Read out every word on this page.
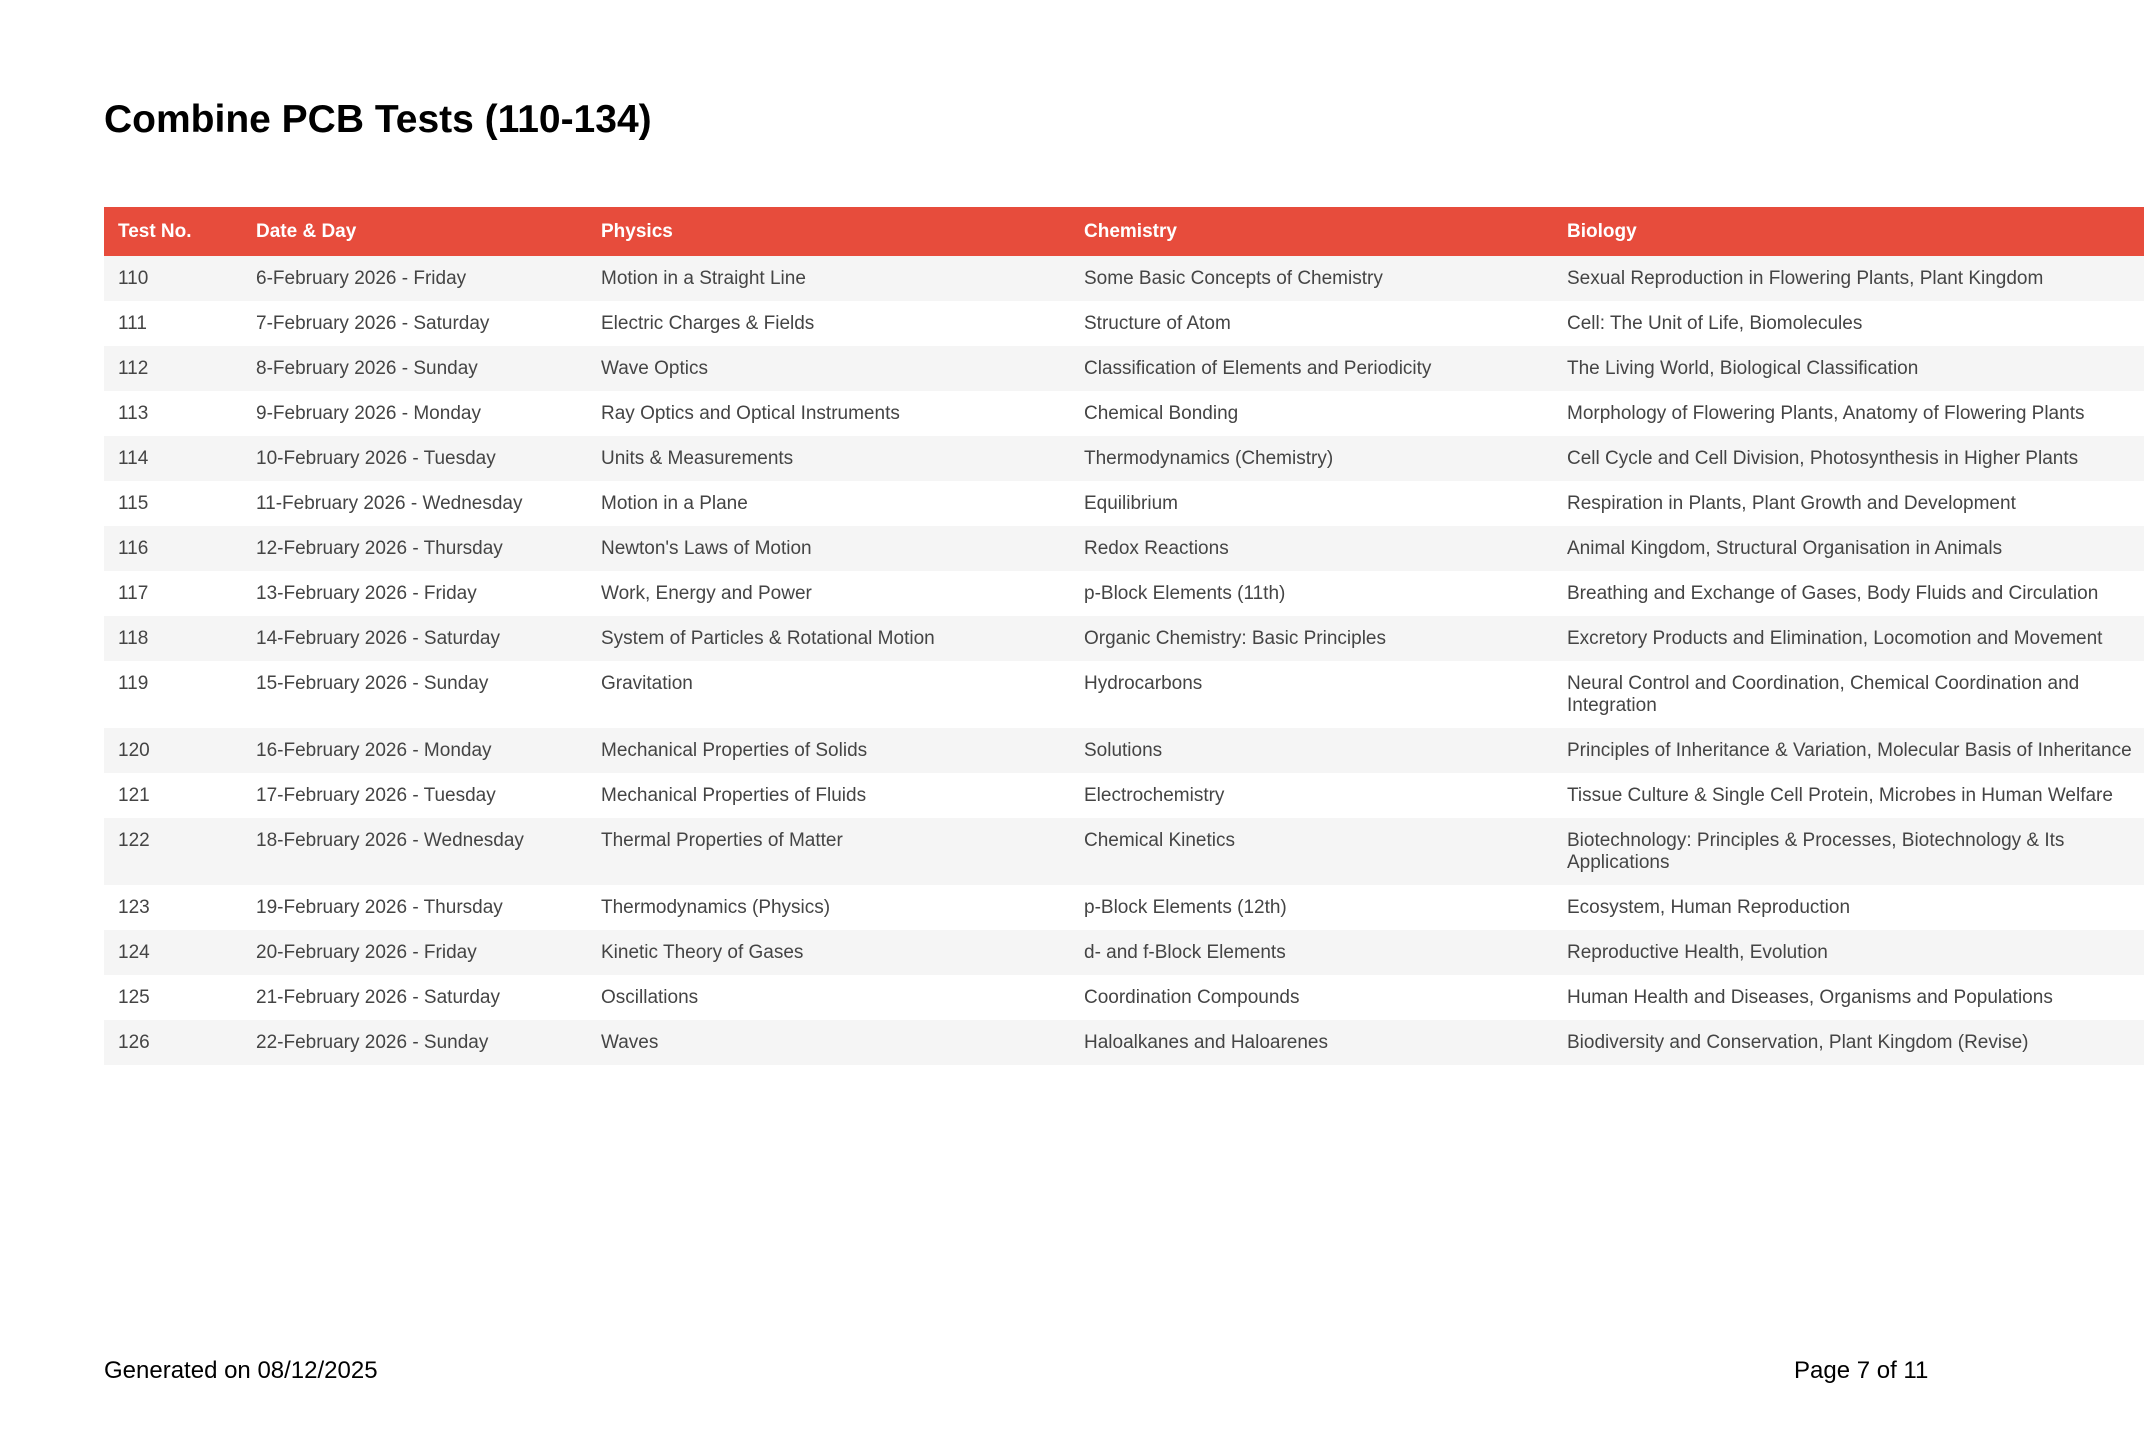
Combine PCB Tests (110-134)
Test No.	Date & Day	Physics	Chemistry	Biology
110	6-February 2026 - Friday	Motion in a Straight Line	Some Basic Concepts of Chemistry	Sexual Reproduction in Flowering Plants, Plant Kingdom
111	7-February 2026 - Saturday	Electric Charges & Fields	Structure of Atom	Cell: The Unit of Life, Biomolecules
112	8-February 2026 - Sunday	Wave Optics	Classification of Elements and Periodicity	The Living World, Biological Classification
113	9-February 2026 - Monday	Ray Optics and Optical Instruments	Chemical Bonding	Morphology of Flowering Plants, Anatomy of Flowering Plants
114	10-February 2026 - Tuesday	Units & Measurements	Thermodynamics (Chemistry)	Cell Cycle and Cell Division, Photosynthesis in Higher Plants
115	11-February 2026 - Wednesday	Motion in a Plane	Equilibrium	Respiration in Plants, Plant Growth and Development
116	12-February 2026 - Thursday	Newton's Laws of Motion	Redox Reactions	Animal Kingdom, Structural Organisation in Animals
117	13-February 2026 - Friday	Work, Energy and Power	p-Block Elements (11th)	Breathing and Exchange of Gases, Body Fluids and Circulation
118	14-February 2026 - Saturday	System of Particles & Rotational Motion	Organic Chemistry: Basic Principles	Excretory Products and Elimination, Locomotion and Movement
119	15-February 2026 - Sunday	Gravitation	Hydrocarbons	Neural Control and Coordination, Chemical Coordination and Integration
120	16-February 2026 - Monday	Mechanical Properties of Solids	Solutions	Principles of Inheritance & Variation, Molecular Basis of Inheritance
121	17-February 2026 - Tuesday	Mechanical Properties of Fluids	Electrochemistry	Tissue Culture & Single Cell Protein, Microbes in Human Welfare
122	18-February 2026 - Wednesday	Thermal Properties of Matter	Chemical Kinetics	Biotechnology: Principles & Processes, Biotechnology & Its Applications
123	19-February 2026 - Thursday	Thermodynamics (Physics)	p-Block Elements (12th)	Ecosystem, Human Reproduction
124	20-February 2026 - Friday	Kinetic Theory of Gases	d- and f-Block Elements	Reproductive Health, Evolution
125	21-February 2026 - Saturday	Oscillations	Coordination Compounds	Human Health and Diseases, Organisms and Populations
126	22-February 2026 - Sunday	Waves	Haloalkanes and Haloarenes	Biodiversity and Conservation, Plant Kingdom (Revise)
Generated on 08/12/2025	Page 7 of 11
